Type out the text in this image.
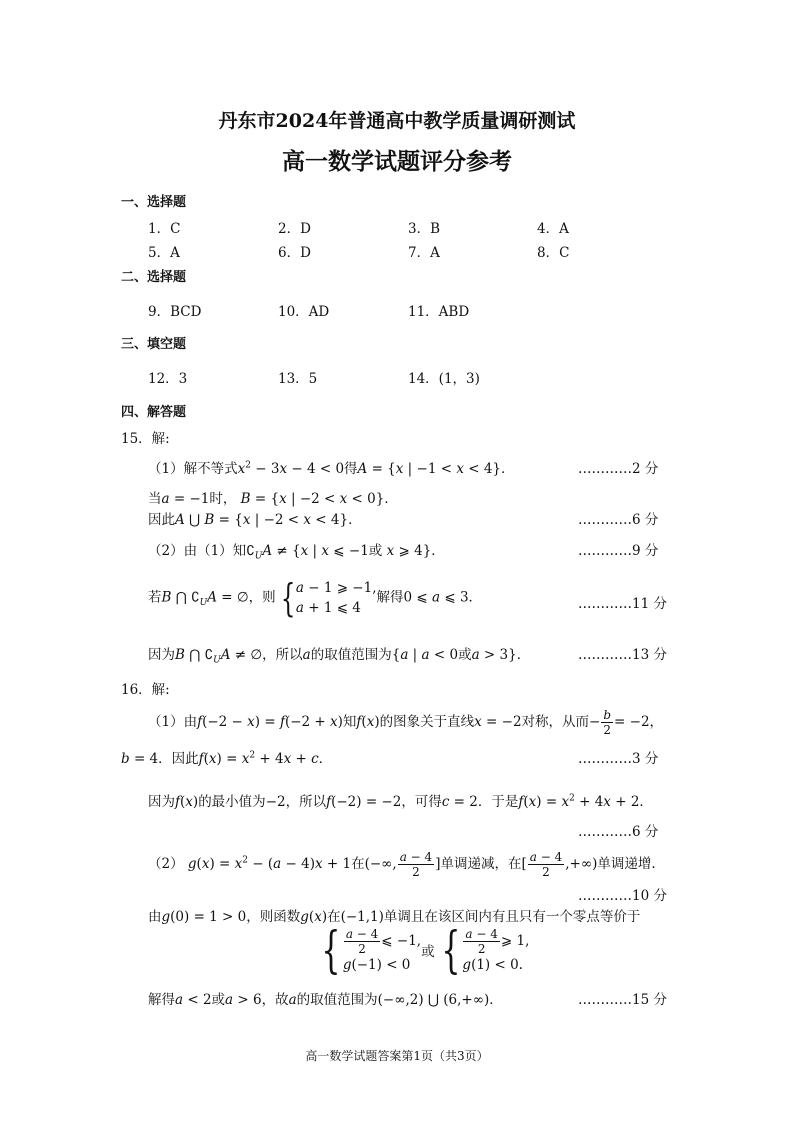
丹东市2024年普通高中教学质量调研测试
高一数学试题评分参考
一、选择题
1．C	2．D	3．B	4．A
5．A	6．D	7．A	8．C
二、选择题
9．BCD	10．AD	11．ABD
三、填空题
12．3	13．5	14．(1，3)
四、解答题
15．解:
（1）解不等式$x^2 - 3x - 4 < 0$得A = {x | −1 < x < 4}．	…………2 分
当a = −1时， B = {x | −2 < x < 0}．
因此A ⋃ B = {x | −2 < x < 4}．	…………6 分
（2）由（1）知$∁_UA \ne \{x$ | x ⩽ −1或 x ⩾ 4}．	…………9 分
若B ⋂ $∁_UA$ = ∅，则 { a − 1 ⩾ −1,
a + 1 ⩽ 4
解得0 ⩽ a ⩽ 3．	…………11 分
因为B ⋂ $∁_UA$ ≠ ∅，所以a的取值范围为{a | a < 0或a > 3}．	…………13 分
16．解:
（1）由f(−2 − x) = f(−2 + x)知f(x)的图象关于直线x = −2对称，从而− $\frac{b}{2} = -2$，
b = 4．因此$f(x) = x^2 + 4x + c$．	…………3 分
因为f(x)的最小值为−2，所以f(−2) = −2，可得c = 2．于是$f(x) = x^2 + 4x + 2$．
…………6 分
（2） $g(x) = x^2 - (a - 4)x + 1$在(−∞, $\frac{a - 4}{2}$ ]单调递减，在[ $\frac{a - 4}{2}$ ,+∞)单调递增.
…………10 分
由g(0) = 1 > 0，则函数g(x)在(−1,1)单调且在该区间内有且只有一个零点等价于
{ $\frac{a - 4}{2}$ ⩽ −1,
g(−1) < 0
或 { $\frac{a - 4}{2}$ ⩾ 1,
g(1) < 0.
解得a < 2或a > 6，故a的取值范围为(−∞,2) ⋃ (6,+∞)．	…………15 分
高一数学试题答案第1页（共3页）
